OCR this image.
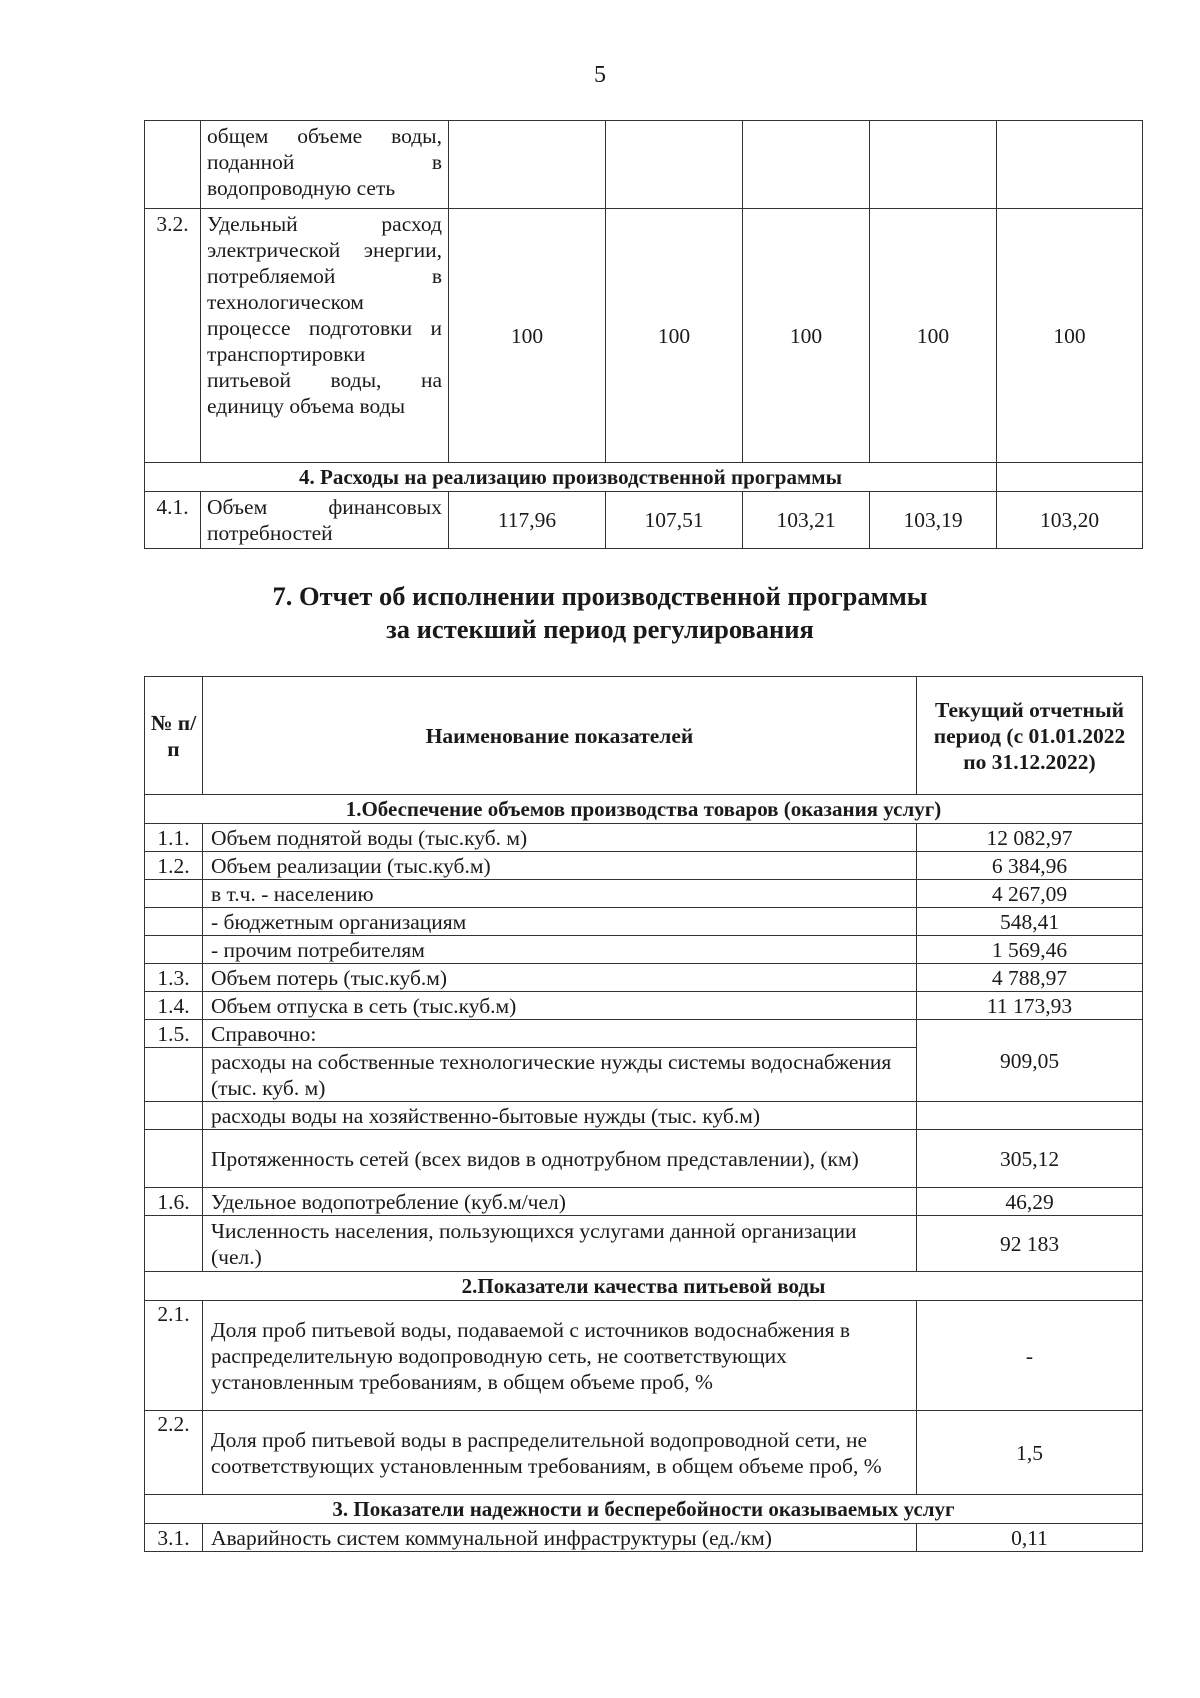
5
	общем объеме воды, поданной в водопроводную сеть					
3.2.	Удельный расход электрической энергии, потребляемой в технологическом процессе подготовки и транспортировки питьевой воды, на единицу объема воды	100	100	100	100	100
4. Расходы на реализацию производственной программы						
4.1.	Объем финансовых потребностей	117,96	107,51	103,21	103,19	103,20
7. Отчет об исполнении производственной программы
за истекший период регулирования
№ п/п	Наименование показателей	Текущий отчетный период (с 01.01.2022 по 31.12.2022)
1.Обеспечение объемов производства товаров (оказания услуг)		
1.1.	Объем поднятой воды (тыс.куб. м)	12 082,97
1.2.	Объем реализации (тыс.куб.м)	6 384,96
	в т.ч. - населению	4 267,09
	- бюджетным организациям	548,41
	- прочим потребителям	1 569,46
1.3.	Объем потерь (тыс.куб.м)	4 788,97
1.4.	Объем отпуска в сеть (тыс.куб.м)	11 173,93
1.5.	Справочно:	909,05
	расходы на собственные технологические нужды системы водоснабжения (тыс. куб. м)	
	расходы воды на хозяйственно-бытовые нужды (тыс. куб.м)	
	Протяженность сетей (всех видов в однотрубном представлении), (км)	305,12
1.6.	Удельное водопотребление (куб.м/чел)	46,29
	Численность населения, пользующихся услугами данной организации (чел.)	92 183
2.Показатели качества питьевой воды		
2.1.	Доля проб питьевой воды, подаваемой с источников водоснабжения в распределительную водопроводную сеть, не соответствующих установленным требованиям, в общем объеме проб, %	-
2.2.	Доля проб питьевой воды в распределительной водопроводной сети, не соответствующих установленным требованиям, в общем объеме проб, %	1,5
3. Показатели надежности и бесперебойности оказываемых услуг		
3.1.	Аварийность систем коммунальной инфраструктуры (ед./км)	0,11
